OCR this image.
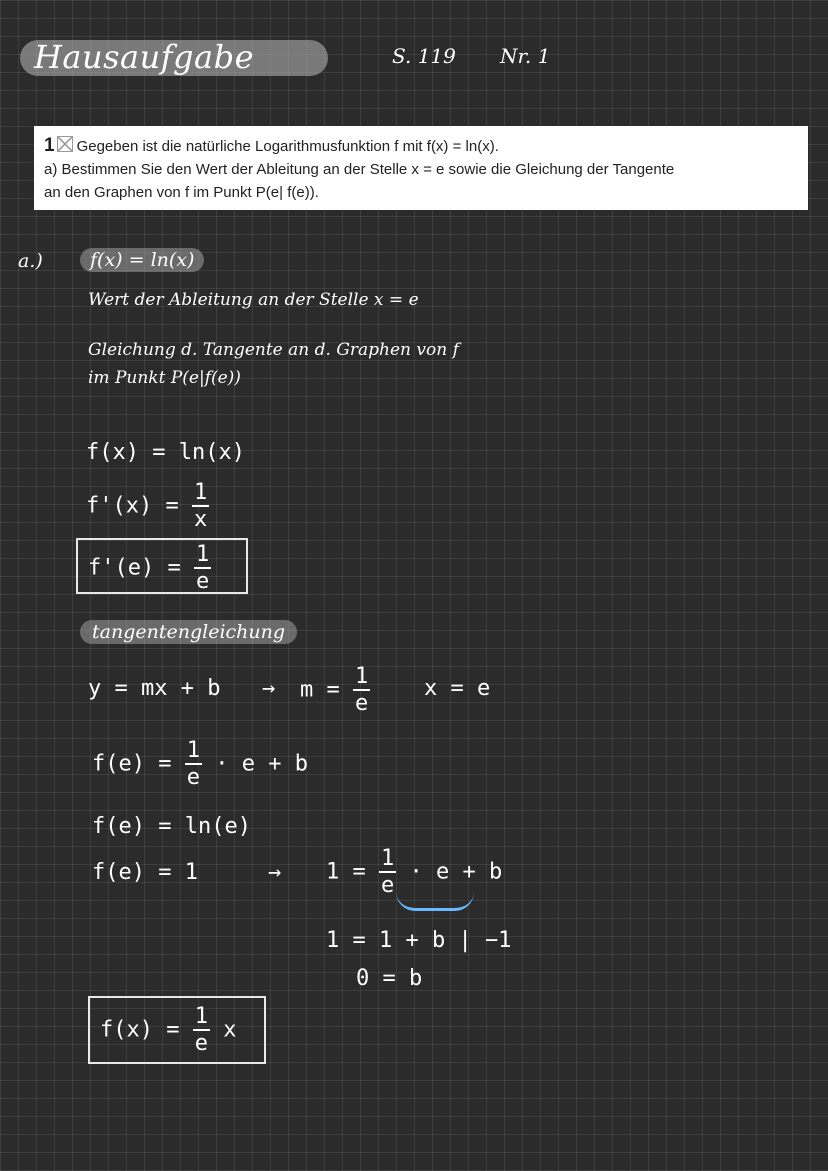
Hausaufgabe	S. 119 Nr. 1
1 Gegeben ist die natürliche Logarithmusfunktion f mit f(x) = ln(x).
a) Bestimmen Sie den Wert der Ableitung an der Stelle x = e sowie die Gleichung der Tangente
an den Graphen von f im Punkt P(e| f(e)).
a.)	f(x) = ln(x)
Wert der Ableitung an der Stelle x = e
Gleichung d. Tangente an d. Graphen von f
im Punkt P(e|f(e))
f(x) = ln(x)
$f'(x) = \frac{1}{x}$
$f'(e) = \frac{1}{e}$
tangentengleichung
y = mx + $b \to m = \frac{1}{e}$ x = e
$f(e) = \frac{1}{e} \cdot e + b$
f(e) = ln(e)
f(e) = 1	→ $1 = \frac{1}{e} \cdot e + b$
1 = 1 + b | −1
0 = b
$f(x) = \frac{1}{e}$ x
